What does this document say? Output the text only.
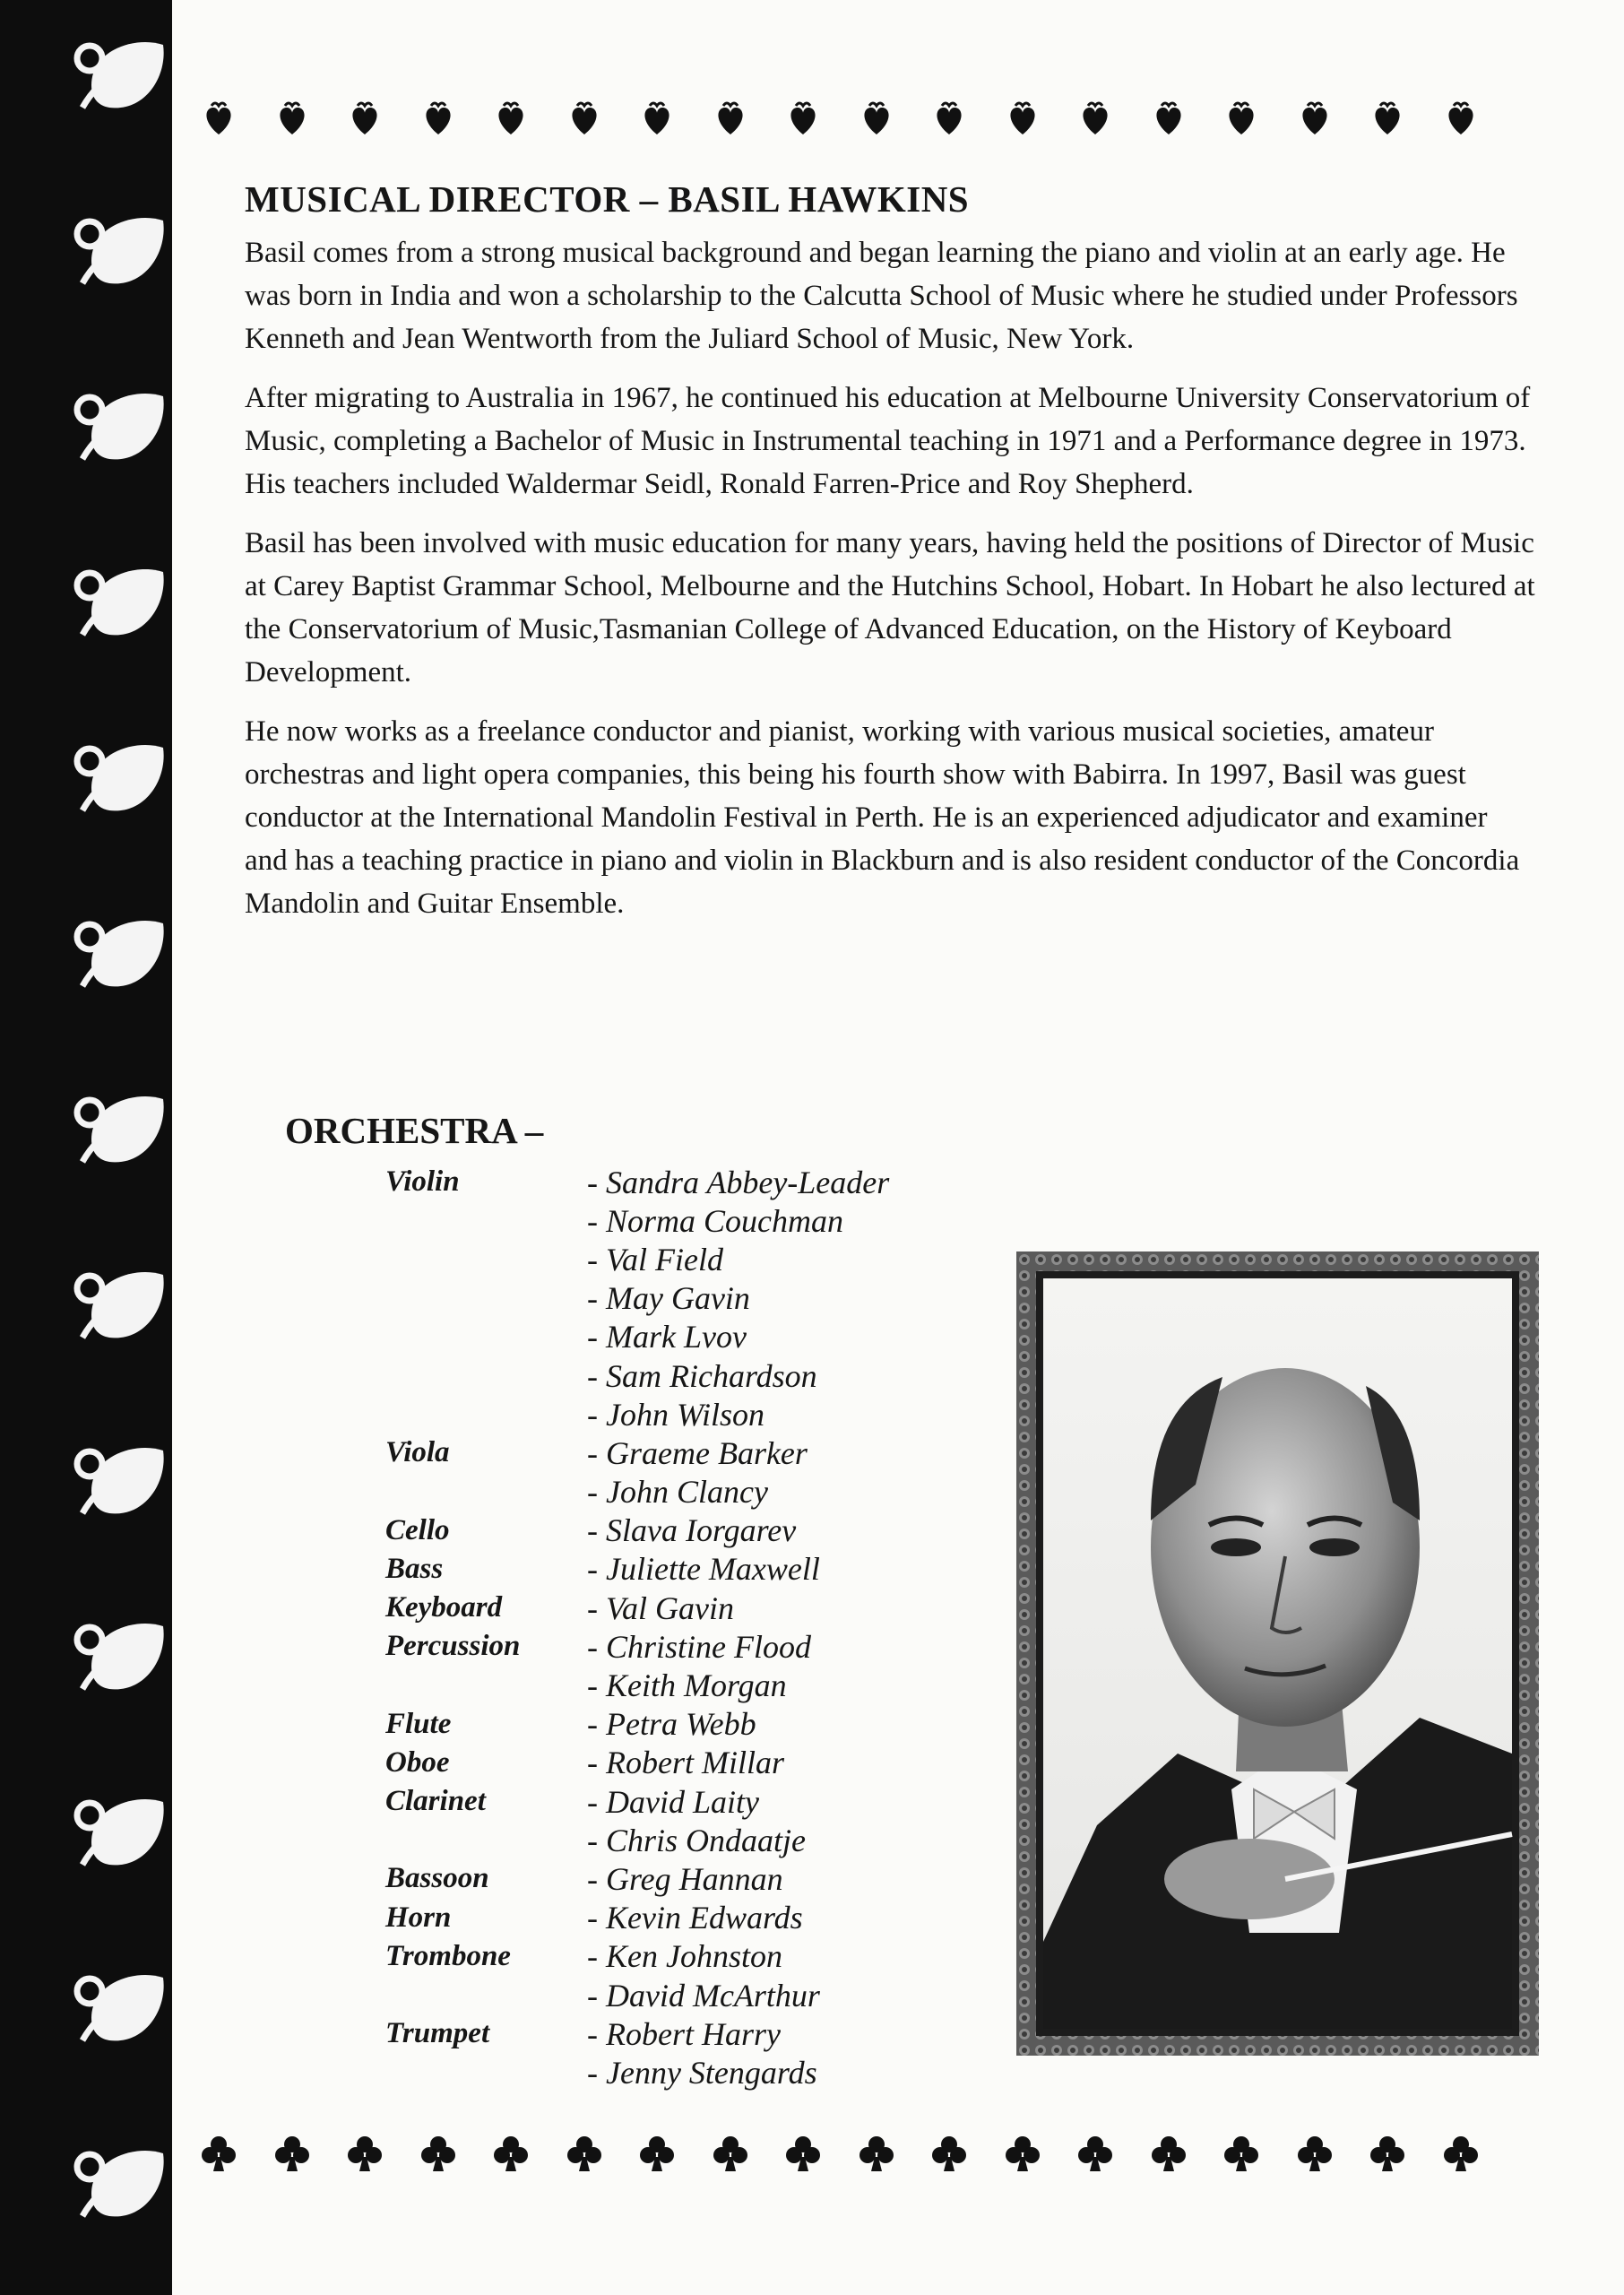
MUSICAL DIRECTOR – BASIL HAWKINS

Basil comes from a strong musical background and began learning the piano and violin at an early age. He was born in India and won a scholarship to the Calcutta School of Music where he studied under Professors Kenneth and Jean Wentworth from the Juliard School of Music, New York.

After migrating to Australia in 1967, he continued his education at Melbourne University Conservatorium of Music, completing a Bachelor of Music in Instrumental teaching in 1971 and a Performance degree in 1973. His teachers included Waldermar Seidl, Ronald Farren-Price and Roy Shepherd.

Basil has been involved with music education for many years, having held the positions of Director of Music at Carey Baptist Grammar School, Melbourne and the Hutchins School, Hobart. In Hobart he also lectured at the Conservatorium of Music,Tasmanian College of Advanced Education, on the History of Keyboard Development.

He now works as a freelance conductor and pianist, working with various musical societies, amateur orchestras and light opera companies, this being his fourth show with Babirra. In 1997, Basil was guest conductor at the International Mandolin Festival in Perth. He is an experienced adjudicator and examiner and has a teaching practice in piano and violin in Blackburn and is also resident conductor of the Concordia Mandolin and Guitar Ensemble.

ORCHESTRA –
Violin	- Sandra Abbey-Leader
- Norma Couchman
- Val Field
- May Gavin
- Mark Lvov
- Sam Richardson
- John Wilson
Viola	- Graeme Barker
- John Clancy
Cello	- Slava Iorgarev
Bass	- Juliette Maxwell
Keyboard	- Val Gavin
Percussion	- Christine Flood
- Keith Morgan
Flute	- Petra Webb
Oboe	- Robert Millar
Clarinet	- David Laity
- Chris Ondaatje
Bassoon	- Greg Hannan
Horn	- Kevin Edwards
Trombone	- Ken Johnston
- David McArthur
Trumpet	- Robert Harry
- Jenny Stengards
